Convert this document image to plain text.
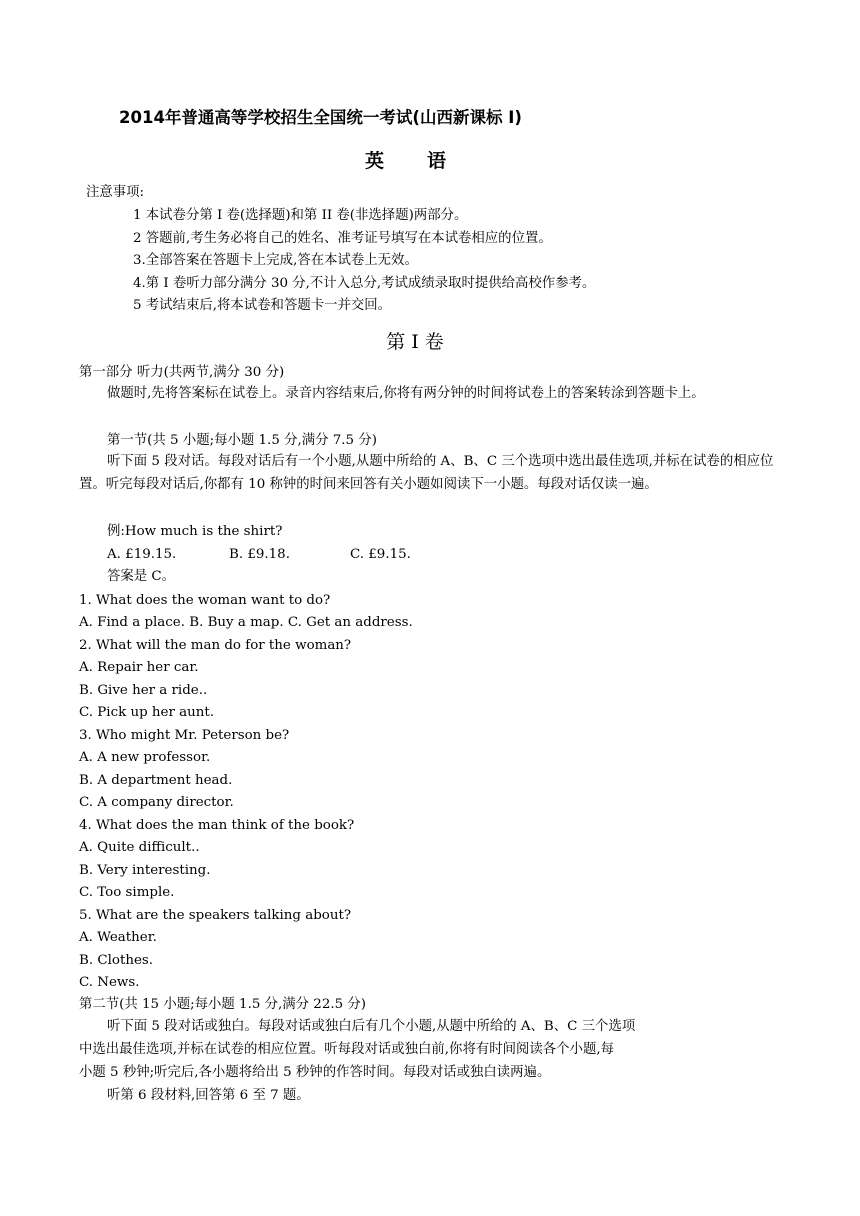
2014年普通高等学校招生全国统一考试(山西新课标 I)
英 语
注意事项:
1 本试卷分第 I 卷(选择题)和第 II 卷(非选择题)两部分。
2 答题前,考生务必将自己的姓名、准考证号填写在本试卷相应的位置。
3.全部答案在答题卡上完成,答在本试卷上无效。
4.第 I 卷听力部分满分 30 分,不计入总分,考试成绩录取时提供给高校作参考。
5 考试结束后,将本试卷和答题卡一并交回。
第 I 卷
第一部分 听力(共两节,满分 30 分)
做题时,先将答案标在试卷上。录音内容结束后,你将有两分钟的时间将试卷上的答案转涂到答题卡上。
第一节(共 5 小题;每小题 1.5 分,满分 7.5 分)
听下面 5 段对话。每段对话后有一个小题,从题中所给的 A、B、C 三个选项中选出最佳选项,并标在试卷的相应位置。听完每段对话后,你都有 10 称钟的时间来回答有关小题如阅读下一小题。每段对话仅读一遍。
例:How much is the shirt?
A. £19.15.	B. £9.18.	C. £9.15.
答案是 C。
1. What does the woman want to do?
A. Find a place. B. Buy a map. C. Get an address.
2. What will the man do for the woman?
A. Repair her car.
B. Give her a ride..
C. Pick up her aunt.
3. Who might Mr. Peterson be?
A. A new professor.
B. A department head.
C. A company director.
4. What does the man think of the book?
A. Quite difficult..
B. Very interesting.
C. Too simple.
5. What are the speakers talking about?
A. Weather.
B. Clothes.
C. News.
第二节(共 15 小题;每小题 1.5 分,满分 22.5 分)
听下面 5 段对话或独白。每段对话或独白后有几个小题,从题中所给的 A、B、C 三个选项
中选出最佳选项,并标在试卷的相应位置。听每段对话或独白前,你将有时间阅读各个小题,每
小题 5 秒钟;听完后,各小题将给出 5 秒钟的作答时间。每段对话或独白读两遍。
听第 6 段材料,回答第 6 至 7 题。
